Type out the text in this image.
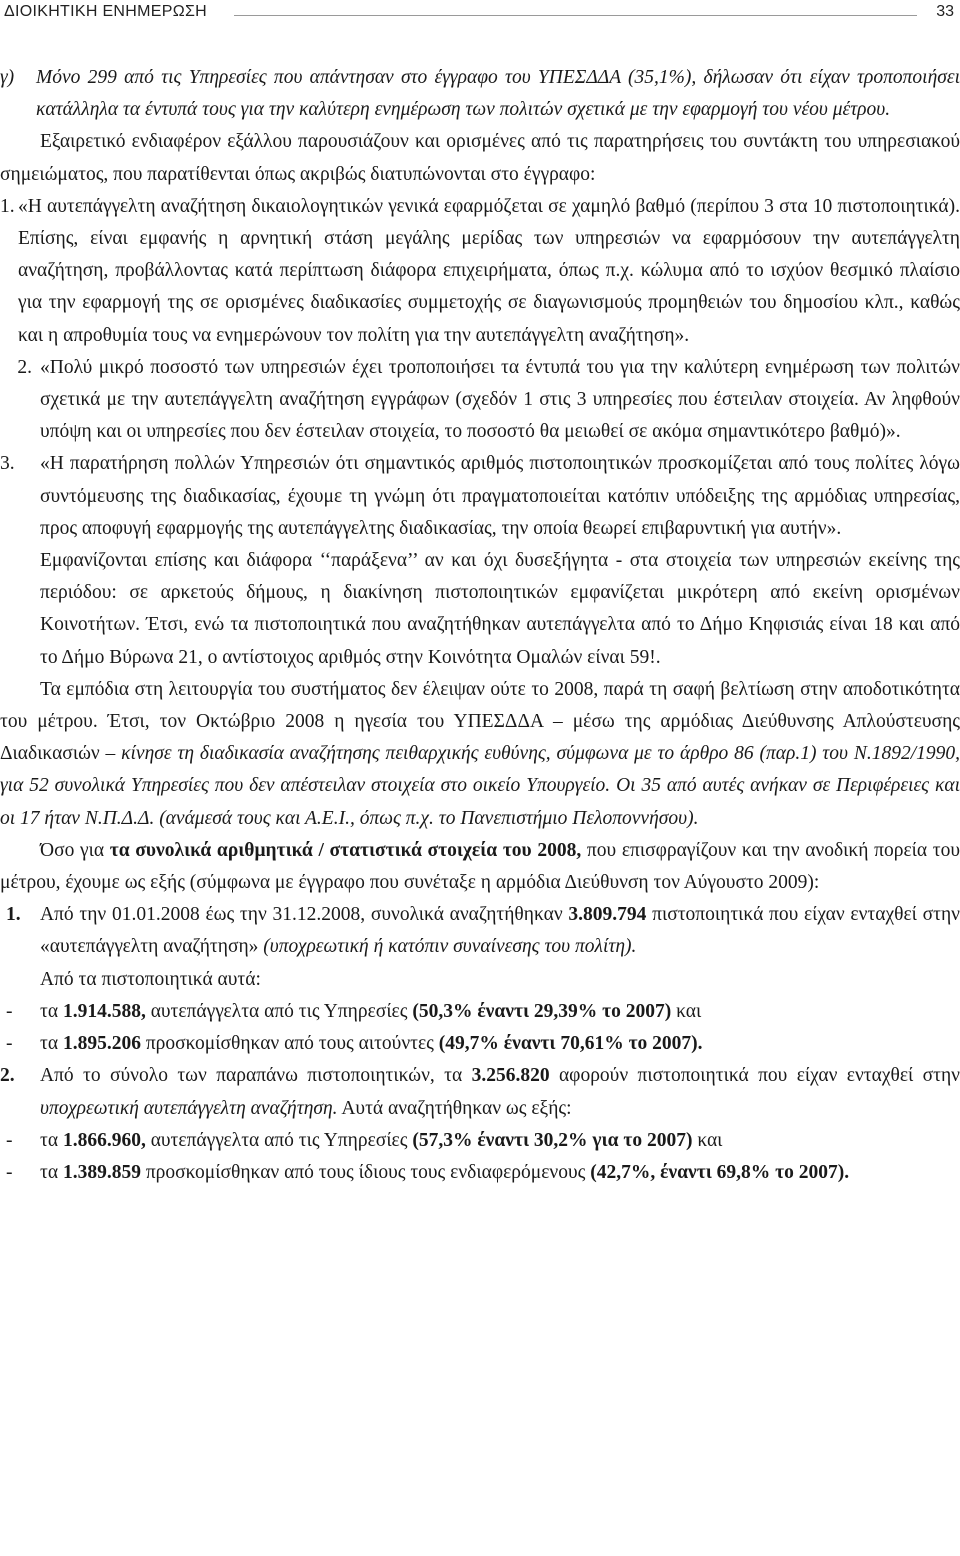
ΔΙΟΙΚΗΤΙΚΗ ΕΝΗΜΕΡΩΣΗ	33
γ)	Μόνο 299 από τις Υπηρεσίες που απάντησαν στο έγγραφο του ΥΠΕΣΔΔΑ (35,1%), δήλωσαν ότι είχαν τροποποιήσει κατάλληλα τα έντυπά τους για την καλύτερη ενημέρωση των πολιτών σχετικά με την εφαρμογή του νέου μέτρου.

Εξαιρετικό ενδιαφέρον εξάλλου παρουσιάζουν και ορισμένες από τις παρατηρήσεις του συντάκτη του υπηρεσιακού σημειώματος, που παρατίθενται όπως ακριβώς διατυπώνονται στο έγγραφο:

1. «Η αυτεπάγγελτη αναζήτηση δικαιολογητικών γενικά εφαρμόζεται σε χαμηλό βαθμό (περίπου 3 στα 10 πιστοποιητικά). Επίσης, είναι εμφανής η αρνητική στάση μεγάλης μερίδας των υπηρεσιών να εφαρμόσουν την αυτεπάγγελτη αναζήτηση, προβάλλοντας κατά περίπτωση διάφορα επιχειρήματα, όπως π.χ. κώλυμα από το ισχύον θεσμικό πλαίσιο για την εφαρμογή της σε ορισμένες διαδικασίες συμμετοχής σε διαγωνισμούς προμηθειών του δημοσίου κλπ., καθώς και η απροθυμία τους να ενημερώνουν τον πολίτη για την αυτεπάγγελτη αναζήτηση».
2. «Πολύ μικρό ποσοστό των υπηρεσιών έχει τροποποιήσει τα έντυπά του για την καλύτερη ενημέρωση των πολιτών σχετικά με την αυτεπάγγελτη αναζήτηση εγγράφων (σχεδόν 1 στις 3 υπηρεσίες που έστειλαν στοιχεία. Αν ληφθούν υπόψη και οι υπηρεσίες που δεν έστειλαν στοιχεία, το ποσοστό θα μειωθεί σε ακόμα σημαντικότερο βαθμό)».
3.	«Η παρατήρηση πολλών Υπηρεσιών ότι σημαντικός αριθμός πιστοποιητικών προσκομίζεται από τους πολίτες λόγω συντόμευσης της διαδικασίας, έχουμε τη γνώμη ότι πραγματοποιείται κατόπιν υπόδειξης της αρμόδιας υπηρεσίας, προς αποφυγή εφαρμογής της αυτεπάγγελτης διαδικασίας, την οποία θεωρεί επιβαρυντική για αυτήν».

Εμφανίζονται επίσης και διάφορα ‘‘παράξενα’’ αν και όχι δυσεξήγητα - στα στοιχεία των υπηρεσιών εκείνης της περιόδου: σε αρκετούς δήμους, η διακίνηση πιστοποιητικών εμφανίζεται μικρότερη από εκείνη ορισμένων Κοινοτήτων. Έτσι, ενώ τα πιστοποιητικά που αναζητήθηκαν αυτεπάγγελτα από το Δήμο Κηφισιάς είναι 18 και από το Δήμο Βύρωνα 21, ο αντίστοιχος αριθμός στην Κοινότητα Ομαλών είναι 59!.

Τα εμπόδια στη λειτουργία του συστήματος δεν έλειψαν ούτε το 2008, παρά τη σαφή βελτίωση στην αποδοτικότητα του μέτρου. Έτσι, τον Οκτώβριο 2008 η ηγεσία του ΥΠΕΣΔΔΑ – μέσω της αρμόδιας Διεύθυνσης Απλούστευσης Διαδικασιών – κίνησε τη διαδικασία αναζήτησης πειθαρχικής ευθύνης, σύμφωνα με το άρθρο 86 (παρ.1) του Ν.1892/1990, για 52 συνολικά Υπηρεσίες που δεν απέστειλαν στοιχεία στο οικείο Υπουργείο. Οι 35 από αυτές ανήκαν σε Περιφέρειες και οι 17 ήταν Ν.Π.Δ.Δ. (ανάμεσά τους και Α.Ε.Ι., όπως π.χ. το Πανεπιστήμιο Πελοποννήσου).

Όσο για τα συνολικά αριθμητικά / στατιστικά στοιχεία του 2008, που επισφραγίζουν και την ανοδική πορεία του μέτρου, έχουμε ως εξής (σύμφωνα με έγγραφο που συνέταξε η αρμόδια Διεύθυνση τον Αύγουστο 2009):

1. Από την 01.01.2008 έως την 31.12.2008, συνολικά αναζητήθηκαν 3.809.794 πιστοποιητικά που είχαν ενταχθεί στην «αυτεπάγγελτη αναζήτηση» (υποχρεωτική ή κατόπιν συναίνεσης του πολίτη).

Από τα πιστοποιητικά αυτά:

-	τα 1.914.588, αυτεπάγγελτα από τις Υπηρεσίες (50,3% έναντι 29,39% το 2007) και
-	τα 1.895.206 προσκομίσθηκαν από τους αιτούντες (49,7% έναντι 70,61% το 2007).
2.	Από το σύνολο των παραπάνω πιστοποιητικών, τα 3.256.820 αφορούν πιστοποιητικά που είχαν ενταχθεί στην υποχρεωτική αυτεπάγγελτη αναζήτηση. Αυτά αναζητήθηκαν ως εξής:
-	τα 1.866.960, αυτεπάγγελτα από τις Υπηρεσίες (57,3% έναντι 30,2% για το 2007) και
-	τα 1.389.859 προσκομίσθηκαν από τους ίδιους τους ενδιαφερόμενους (42,7%, έναντι 69,8% το 2007).
